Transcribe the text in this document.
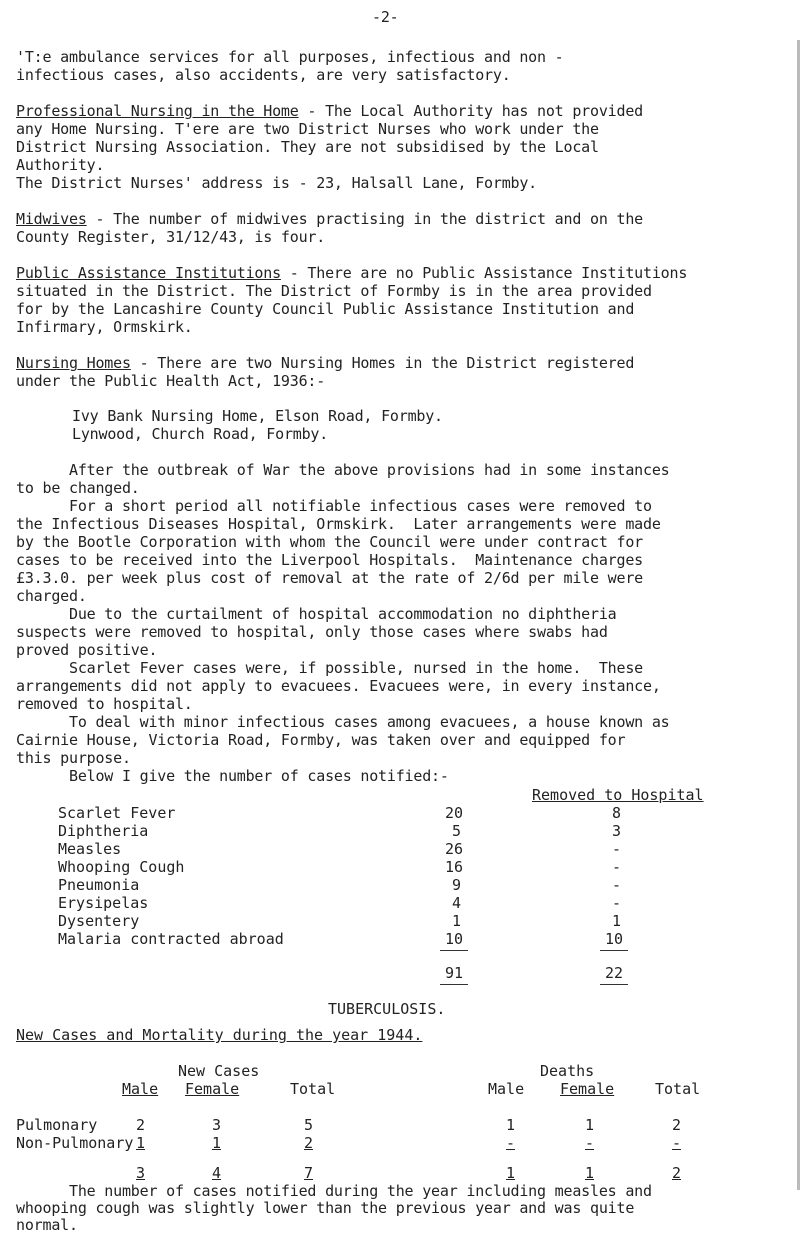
-2-
'T:e ambulance services for all purposes, infectious and non -
infectious cases, also accidents, are very satisfactory.
Professional Nursing in the Home - The Local Authority has not provided
any Home Nursing. T'ere are two District Nurses who work under the
District Nursing Association. They are not subsidised by the Local
Authority.
The District Nurses' address is - 23, Halsall Lane, Formby.
Midwives - The number of midwives practising in the district and on the
County Register, 31/12/43, is four.
Public Assistance Institutions - There are no Public Assistance Institutions
situated in the District. The District of Formby is in the area provided
for by the Lancashire County Council Public Assistance Institution and
Infirmary, Ormskirk.
Nursing Homes - There are two Nursing Homes in the District registered
under the Public Health Act, 1936:-
Ivy Bank Nursing Home, Elson Road, Formby.
Lynwood, Church Road, Formby.
After the outbreak of War the above provisions had in some instances
to be changed.
For a short period all notifiable infectious cases were removed to
the Infectious Diseases Hospital, Ormskirk.  Later arrangements were made
by the Bootle Corporation with whom the Council were under contract for
cases to be received into the Liverpool Hospitals.  Maintenance charges
£3.3.0. per week plus cost of removal at the rate of 2/6d per mile were
charged.
Due to the curtailment of hospital accommodation no diphtheria
suspects were removed to hospital, only those cases where swabs had
proved positive.
Scarlet Fever cases were, if possible, nursed in the home.  These
arrangements did not apply to evacuees. Evacuees were, in every instance,
removed to hospital.
To deal with minor infectious cases among evacuees, a house known as
Cairnie House, Victoria Road, Formby, was taken over and equipped for
this purpose.
Below I give the number of cases notified:-
Removed to Hospital
Scarlet Fever	20	8
Diphtheria	5	3
Measles	26	-
Whooping Cough	16	-
Pneumonia	9	-
Erysipelas	4	-
Dysentery	1	1
Malaria contracted abroad	10	10
91	22
TUBERCULOSIS.
New Cases and Mortality during the year 1944.
New Cases	Deaths
Male Female	Total	Male Female	Total
Pulmonary	2	3	5	1	1	2
Non-Pulmonary 1	1	2	-	-	-
3	4	7	1	1	2
The number of cases notified during the year including measles and
whooping cough was slightly lower than the previous year and was quite
normal.
